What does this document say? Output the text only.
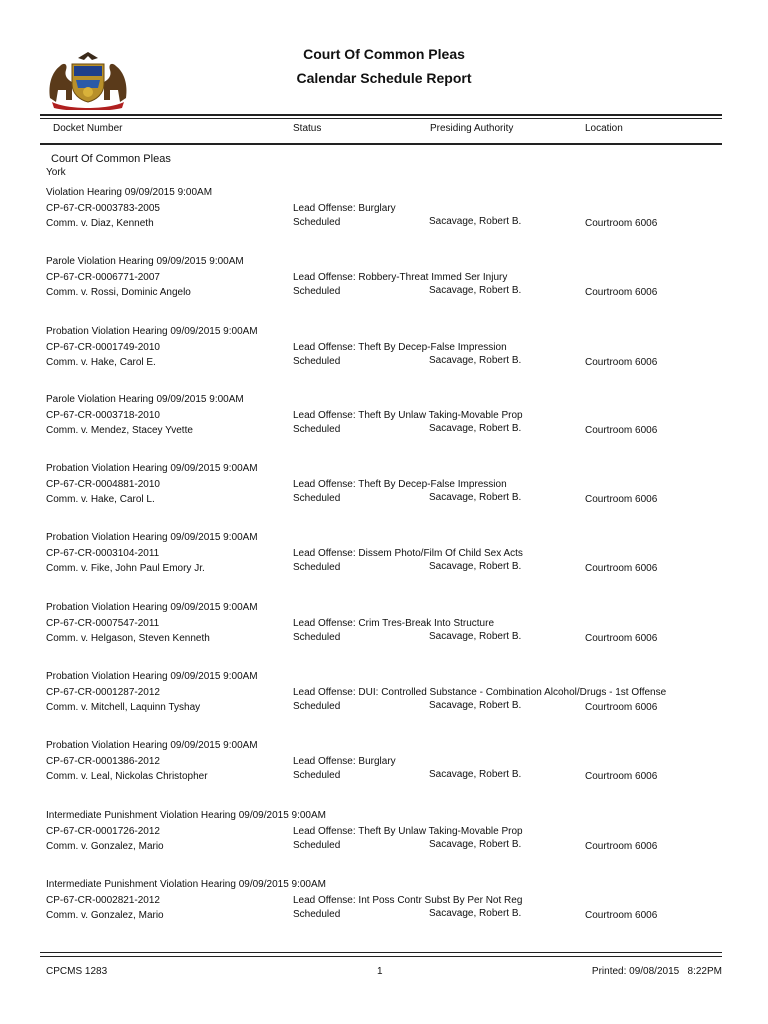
Court Of Common Pleas
Calendar Schedule Report
Docket Number	Status	Presiding Authority	Location
Court Of Common Pleas
York
Violation Hearing 09/09/2015 9:00AM
CP-67-CR-0003783-2005
Comm. v. Diaz, Kenneth
Lead Offense: Burglary
Scheduled	Sacavage, Robert B.	Courtroom 6006
Parole Violation Hearing 09/09/2015 9:00AM
CP-67-CR-0006771-2007
Comm. v. Rossi, Dominic Angelo
Lead Offense: Robbery-Threat Immed Ser Injury
Scheduled	Sacavage, Robert B.	Courtroom 6006
Probation Violation Hearing 09/09/2015 9:00AM
CP-67-CR-0001749-2010
Comm. v. Hake, Carol E.
Lead Offense: Theft By Decep-False Impression
Scheduled	Sacavage, Robert B.	Courtroom 6006
Parole Violation Hearing 09/09/2015 9:00AM
CP-67-CR-0003718-2010
Comm. v. Mendez, Stacey Yvette
Lead Offense: Theft By Unlaw Taking-Movable Prop
Scheduled	Sacavage, Robert B.	Courtroom 6006
Probation Violation Hearing 09/09/2015 9:00AM
CP-67-CR-0004881-2010
Comm. v. Hake, Carol L.
Lead Offense: Theft By Decep-False Impression
Scheduled	Sacavage, Robert B.	Courtroom 6006
Probation Violation Hearing 09/09/2015 9:00AM
CP-67-CR-0003104-2011
Comm. v. Fike, John Paul Emory Jr.
Lead Offense: Dissem Photo/Film Of Child Sex Acts
Scheduled	Sacavage, Robert B.	Courtroom 6006
Probation Violation Hearing 09/09/2015 9:00AM
CP-67-CR-0007547-2011
Comm. v. Helgason, Steven Kenneth
Lead Offense: Crim Tres-Break Into Structure
Scheduled	Sacavage, Robert B.	Courtroom 6006
Probation Violation Hearing 09/09/2015 9:00AM
CP-67-CR-0001287-2012
Comm. v. Mitchell, Laquinn Tyshay
Lead Offense: DUI: Controlled Substance - Combination Alcohol/Drugs - 1st Offense
Scheduled	Sacavage, Robert B.	Courtroom 6006
Probation Violation Hearing 09/09/2015 9:00AM
CP-67-CR-0001386-2012
Comm. v. Leal, Nickolas Christopher
Lead Offense: Burglary
Scheduled	Sacavage, Robert B.	Courtroom 6006
Intermediate Punishment Violation Hearing 09/09/2015 9:00AM
CP-67-CR-0001726-2012
Comm. v. Gonzalez, Mario
Lead Offense: Theft By Unlaw Taking-Movable Prop
Scheduled	Sacavage, Robert B.	Courtroom 6006
Intermediate Punishment Violation Hearing 09/09/2015 9:00AM
CP-67-CR-0002821-2012
Comm. v. Gonzalez, Mario
Lead Offense: Int Poss Contr Subst By Per Not Reg
Scheduled	Sacavage, Robert B.	Courtroom 6006
CPCMS 1283	1	Printed: 09/08/2015   8:22PM
